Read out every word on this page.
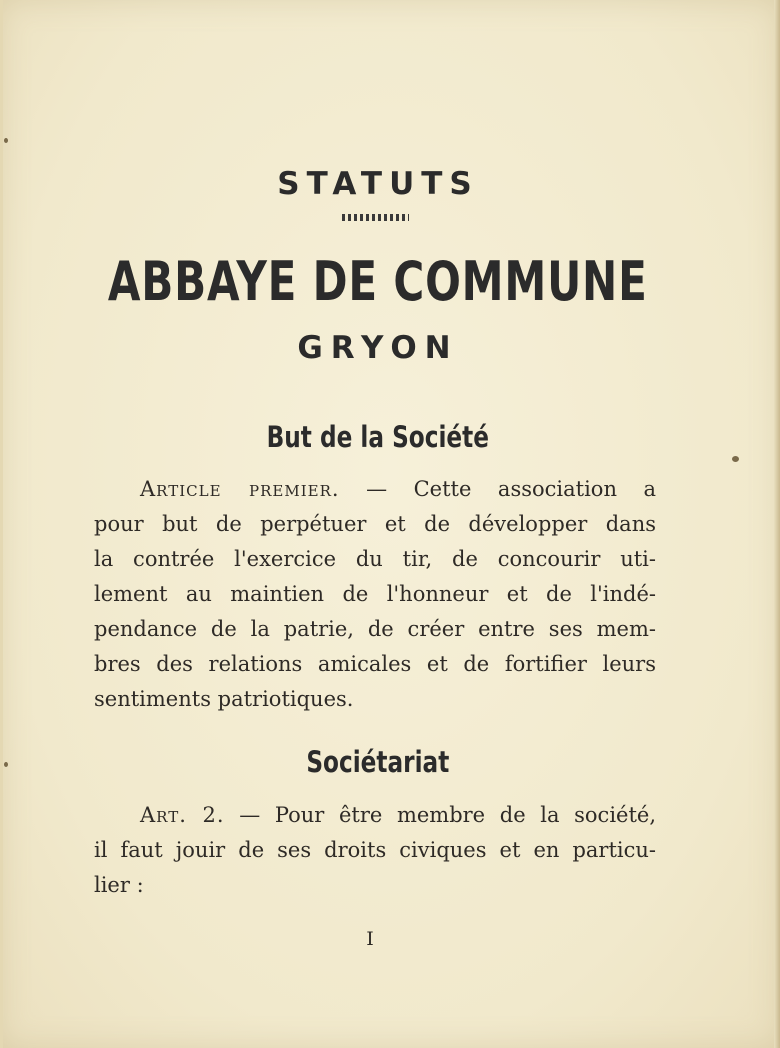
STATUTS
ABBAYE DE COMMUNE
GRYON
But de la Société
Article premier. — Cette association a
pour but de perpétuer et de développer dans
la contrée l'exercice du tir, de concourir uti-
lement au maintien de l'honneur et de l'indé-
pendance de la patrie, de créer entre ses mem-
bres des relations amicales et de fortifier leurs
sentiments patriotiques.
Sociétariat
Art. 2. — Pour être membre de la société,
il faut jouir de ses droits civiques et en particu-
lier :
I
